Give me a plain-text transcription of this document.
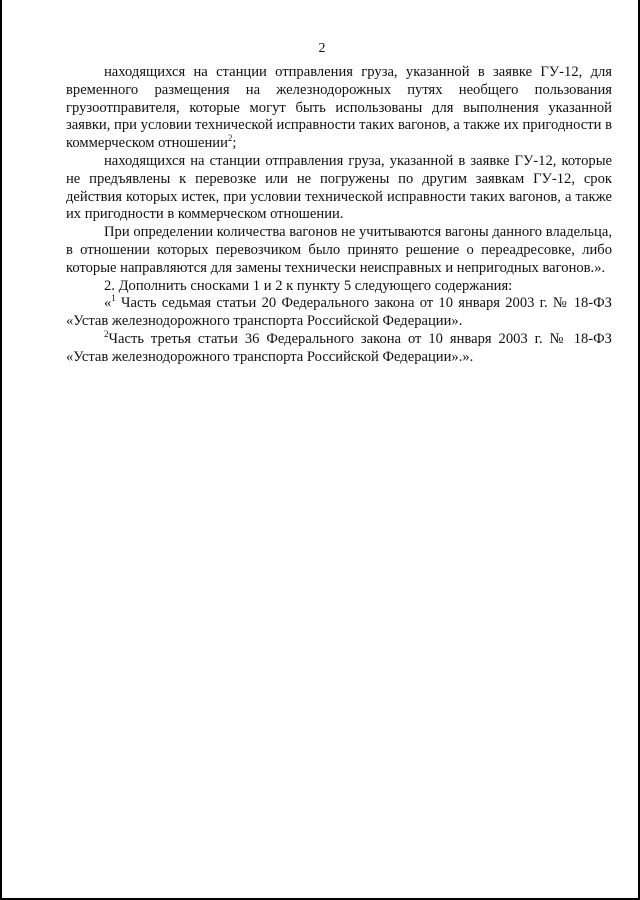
2

находящихся на станции отправления груза, указанной в заявке ГУ-12, для временного размещения на железнодорожных путях необщего пользования грузоотправителя, которые могут быть использованы для выполнения указанной заявки, при условии технической исправности таких вагонов, а также их пригодности в коммерческом отношении$^2$;

находящихся на станции отправления груза, указанной в заявке ГУ-12, которые не предъявлены к перевозке или не погружены по другим заявкам ГУ-12, срок действия которых истек, при условии технической исправности таких вагонов, а также их пригодности в коммерческом отношении.

При определении количества вагонов не учитываются вагоны данного владельца, в отношении которых перевозчиком было принято решение о переадресовке, либо которые направляются для замены технически неисправных и непригодных вагонов.».

2. Дополнить сносками 1 и 2 к пункту 5 следующего содержания:

«$^1$ Часть седьмая статьи 20 Федерального закона от 10 января 2003 г. № 18-ФЗ «Устав железнодорожного транспорта Российской Федерации».

$^2$Часть третья статьи 36 Федерального закона от 10 января 2003 г. № 18-ФЗ «Устав железнодорожного транспорта Российской Федерации».».
